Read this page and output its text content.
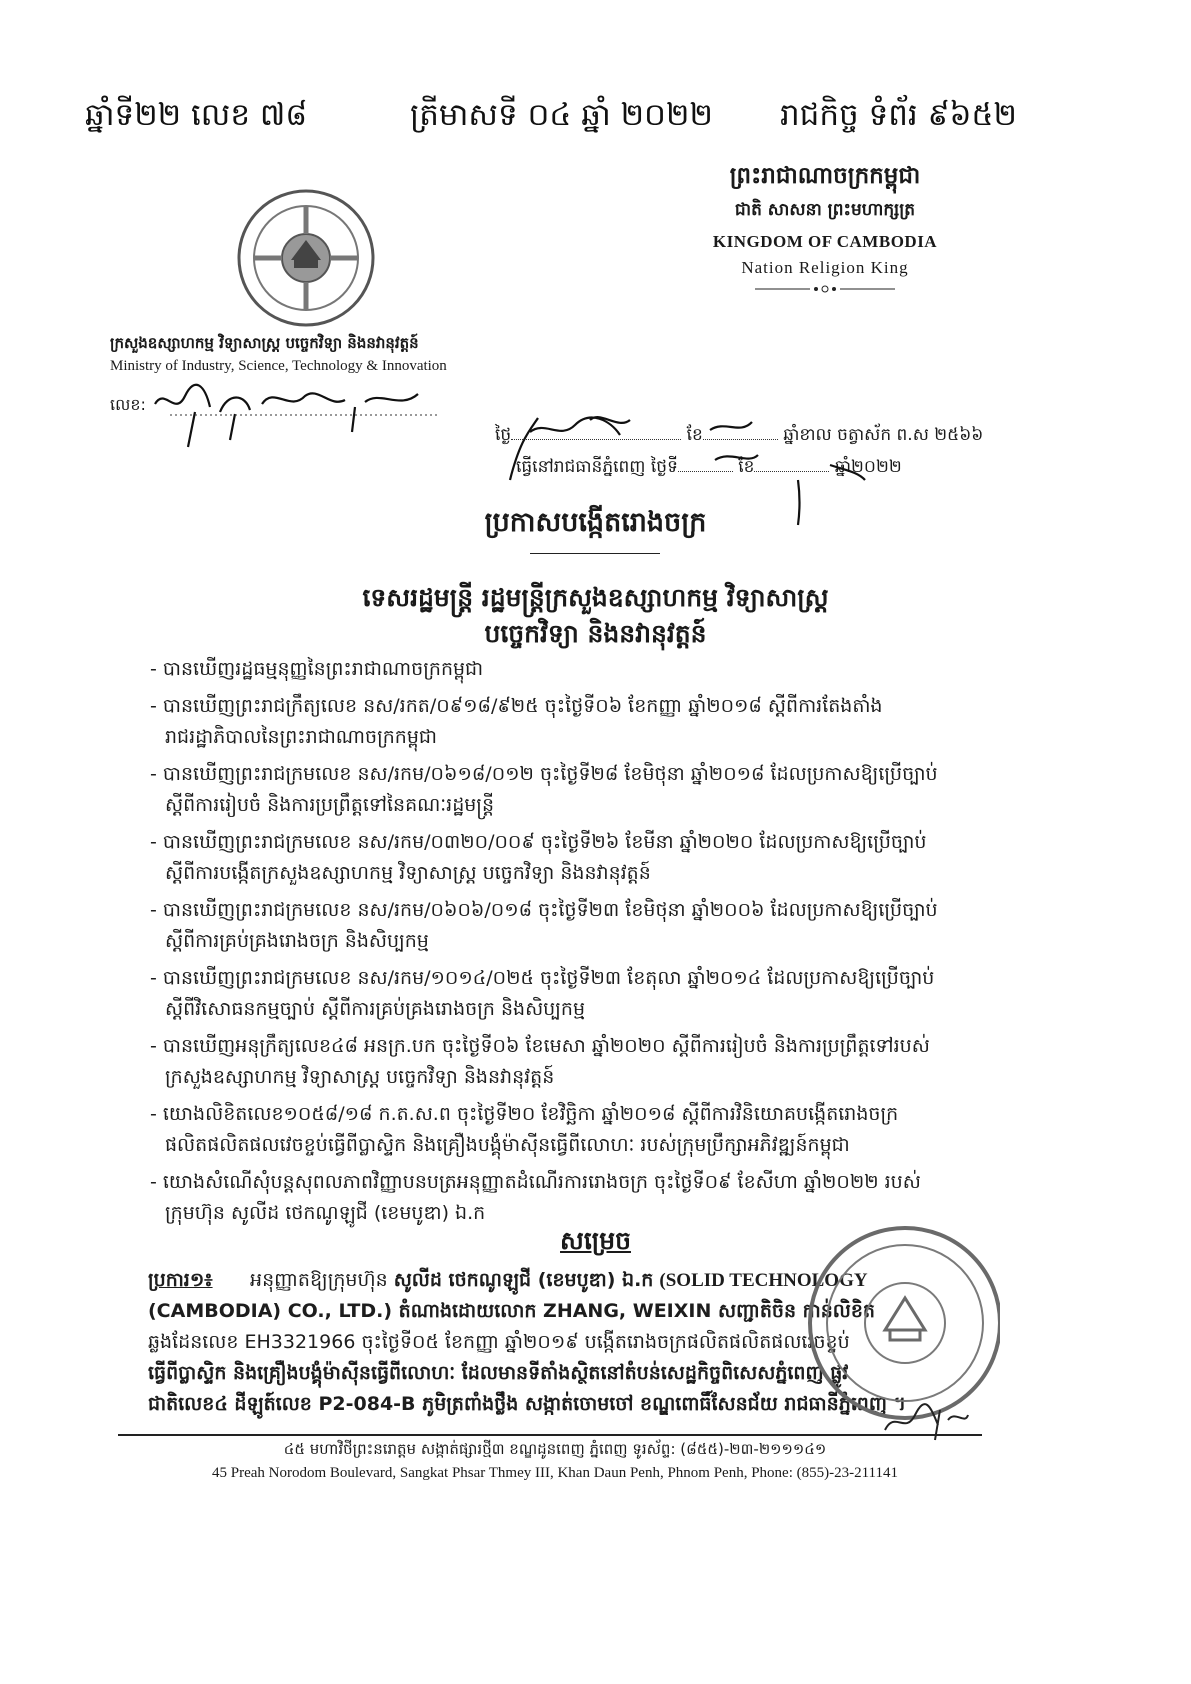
ឆ្នាំទី២២ លេខ ៧៨	ត្រីមាសទី ០៤ ឆ្នាំ ២០២២ រាជកិច្ច ទំព័រ ៩៦៥២
ព្រះរាជាណាចក្រកម្ពុជា
ជាតិ សាសនា ព្រះមហាក្សត្រ
KINGDOM OF CAMBODIA
Nation Religion King
ក្រសួងឧស្សាហកម្ម វិទ្យាសាស្ត្រ បច្ចេកវិទ្យា និងនវានុវត្តន៍
Ministry of Industry, Science, Technology & Innovation
លេខ:
ថ្ងៃ	ខែ	ឆ្នាំខាល ចត្វាស័ក ព.ស ២៥៦៦
ធ្វើនៅរាជធានីភ្នំពេញ ថ្ងៃទី	ខែ	ឆ្នាំ២០២២
ប្រកាសបង្កើតរោងចក្រ
ទេសរដ្ឋមន្ត្រី រដ្ឋមន្ត្រីក្រសួងឧស្សាហកម្ម វិទ្យាសាស្ត្រ
បច្ចេកវិទ្យា និងនវានុវត្តន៍
- បានឃើញរដ្ឋធម្មនុញ្ញនៃព្រះរាជាណាចក្រកម្ពុជា
- បានឃើញព្រះរាជក្រឹត្យលេខ នស/រកត/០៩១៨/៩២៥ ចុះថ្ងៃទី០៦ ខែកញ្ញា ឆ្នាំ២០១៨ ស្តីពីការតែងតាំង
រាជរដ្ឋាភិបាលនៃព្រះរាជាណាចក្រកម្ពុជា
- បានឃើញព្រះរាជក្រមលេខ នស/រកម/០៦១៨/០១២ ចុះថ្ងៃទី២៨ ខែមិថុនា ឆ្នាំ២០១៨ ដែលប្រកាសឱ្យប្រើច្បាប់
ស្តីពីការរៀបចំ និងការប្រព្រឹត្តទៅនៃគណៈរដ្ឋមន្ត្រី
- បានឃើញព្រះរាជក្រមលេខ នស/រកម/០៣២០/០០៩ ចុះថ្ងៃទី២៦ ខែមីនា ឆ្នាំ២០២០ ដែលប្រកាសឱ្យប្រើច្បាប់
ស្តីពីការបង្កើតក្រសួងឧស្សាហកម្ម វិទ្យាសាស្ត្រ បច្ចេកវិទ្យា និងនវានុវត្តន៍
- បានឃើញព្រះរាជក្រមលេខ នស/រកម/០៦០៦/០១៨ ចុះថ្ងៃទី២៣ ខែមិថុនា ឆ្នាំ២០០៦ ដែលប្រកាសឱ្យប្រើច្បាប់
ស្តីពីការគ្រប់គ្រងរោងចក្រ និងសិប្បកម្ម
- បានឃើញព្រះរាជក្រមលេខ នស/រកម/១០១៤/០២៥ ចុះថ្ងៃទី២៣ ខែតុលា ឆ្នាំ២០១៤ ដែលប្រកាសឱ្យប្រើច្បាប់
ស្តីពីវិសោធនកម្មច្បាប់ ស្តីពីការគ្រប់គ្រងរោងចក្រ និងសិប្បកម្ម
- បានឃើញអនុក្រឹត្យលេខ៤៨ អនក្រ.បក ចុះថ្ងៃទី០៦ ខែមេសា ឆ្នាំ២០២០ ស្តីពីការរៀបចំ និងការប្រព្រឹត្តទៅរបស់
ក្រសួងឧស្សាហកម្ម វិទ្យាសាស្ត្រ បច្ចេកវិទ្យា និងនវានុវត្តន៍
- យោងលិខិតលេខ១០៥៨/១៨ ក.ត.ស.ព ចុះថ្ងៃទី២០ ខែវិច្ឆិកា ឆ្នាំ២០១៨ ស្តីពីការវិនិយោគបង្កើតរោងចក្រ
ផលិតផលិតផលវេចខ្ចប់ធ្វើពីប្លាស្ទិក និងគ្រឿងបង្គុំម៉ាស៊ីនធ្វើពីលោហៈ របស់ក្រុមប្រឹក្សាអភិវឌ្ឍន៍កម្ពុជា
- យោងសំណើសុំបន្តសុពលភាពវិញ្ញាបនបត្រអនុញ្ញាតដំណើរការរោងចក្រ ចុះថ្ងៃទី០៩ ខែសីហា ឆ្នាំ២០២២ របស់
ក្រុមហ៊ុន សូលីដ ថេកណូឡូជី (ខេមបូឌា) ឯ.ក
សម្រេច
ប្រការ១៖ អនុញ្ញាតឱ្យក្រុមហ៊ុន សូលីដ ថេកណូឡូជី (ខេមបូឌា) ឯ.ក (SOLID TECHNOLOGY
(CAMBODIA) CO., LTD.) តំណាងដោយលោក ZHANG, WEIXIN សញ្ជាតិចិន កាន់លិខិត
ឆ្លងដែនលេខ EH3321966 ចុះថ្ងៃទី០៥ ខែកញ្ញា ឆ្នាំ២០១៩ បង្កើតរោងចក្រផលិតផលិតផលវេចខ្ចប់
ធ្វើពីប្លាស្ទិក និងគ្រឿងបង្គុំម៉ាស៊ីនធ្វើពីលោហៈ ដែលមានទីតាំងស្ថិតនៅតំបន់សេដ្ឋកិច្ចពិសេសភ្នំពេញ ផ្លូវ
ជាតិលេខ៤ ដីឡូត៍លេខ P2-084-B ភូមិត្រពាំងថ្លឹង សង្កាត់ចោមចៅ ខណ្ឌពោធិ៍សែនជ័យ រាជធានីភ្នំពេញ ។
៤៥ មហាវិថីព្រះនរោត្តម សង្កាត់ផ្សារថ្មី៣ ខណ្ឌដូនពេញ ភ្នំពេញ ទូរស័ព្ទ: (៨៥៥)-២៣-២១១១៤១
45 Preah Norodom Boulevard, Sangkat Phsar Thmey III, Khan Daun Penh, Phnom Penh, Phone: (855)-23-211141
